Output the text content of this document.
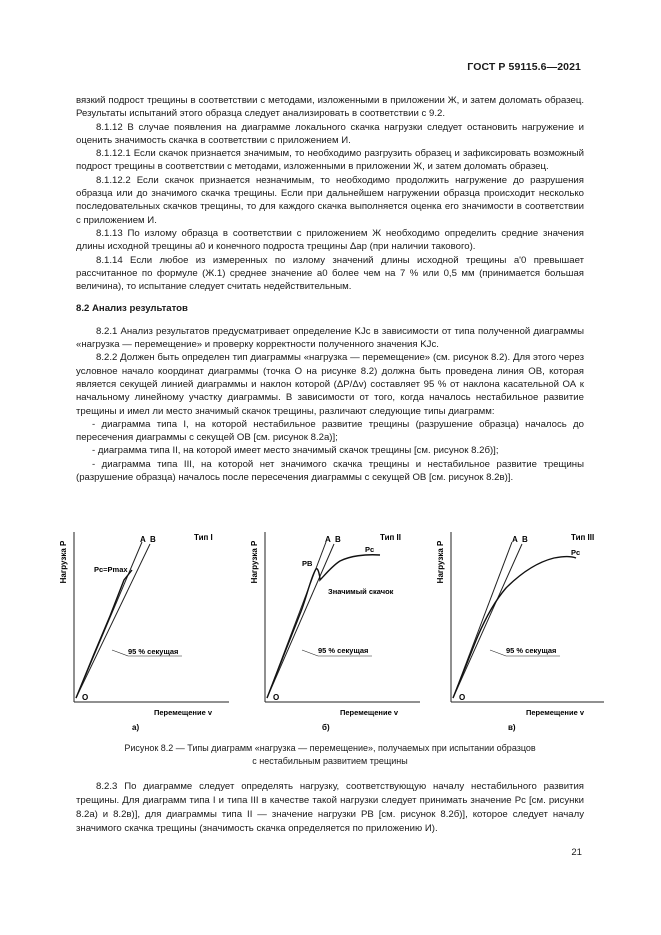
ГОСТ Р 59115.6—2021

вязкий подрост трещины в соответствии с методами, изложенными в приложении Ж, и затем доломать образец. Результаты испытаний этого образца следует анализировать в соответствии с 9.2.

8.1.12 В случае появления на диаграмме локального скачка нагрузки следует остановить нагружение и оценить значимость скачка в соответствии с приложением И.

8.1.12.1 Если скачок признается значимым, то необходимо разгрузить образец и зафиксировать возможный подрост трещины в соответствии с методами, изложенными в приложении Ж, и затем доломать образец.

8.1.12.2 Если скачок признается незначимым, то необходимо продолжить нагружение до разрушения образца или до значимого скачка трещины. Если при дальнейшем нагружении образца происходит несколько последовательных скачков трещины, то для каждого скачка выполняется оценка его значимости в соответствии с приложением И.

8.1.13 По излому образца в соответствии с приложением Ж необходимо определить средние значения длины исходной трещины a0 и конечного подроста трещины Δap (при наличии такового).

8.1.14 Если любое из измеренных по излому значений длины исходной трещины a'0 превышает рассчитанное по формуле (Ж.1) среднее значение a0 более чем на 7 % или 0,5 мм (принимается большая величина), то испытание следует считать недействительным.

8.2 Анализ результатов

8.2.1 Анализ результатов предусматривает определение KJc в зависимости от типа полученной диаграммы «нагрузка — перемещение» и проверку корректности полученного значения KJc.

8.2.2 Должен быть определен тип диаграммы «нагрузка — перемещение» (см. рисунок 8.2). Для этого через условное начало координат диаграммы (точка О на рисунке 8.2) должна быть проведена линия ОВ, которая является секущей линией диаграммы и наклон которой (ΔP/Δv) составляет 95 % от наклона касательной ОА к начальному линейному участку диаграммы. В зависимости от того, когда началось нестабильное развитие трещины и имел ли место значимый скачок трещины, различают следующие типы диаграмм:

- диаграмма типа I, на которой нестабильное развитие трещины (разрушение образца) началось до пересечения диаграммы с секущей ОВ [см. рисунок 8.2а)];

- диаграмма типа II, на которой имеет место значимый скачок трещины [см. рисунок 8.2б)];

- диаграмма типа III, на которой нет значимого скачка трещины и нестабильное развитие трещины (разрушение образца) началось после пересечения диаграммы с секущей ОВ [см. рисунок 8.2в)].

Нагрузка P
A B	Тип I
Pc=Pmax
95 % секущая
O
Перемещение v
а)
Нагрузка P
A B	Тип II
PB
Pc
Значимый скачок
95 % секущая
O
Перемещение v
б)
Нагрузка P
A B	Тип III
Pc
95 % секущая
O
Перемещение v
в)
Рисунок 8.2 — Типы диаграмм «нагрузка — перемещение», получаемых при испытании образцов
с нестабильным развитием трещины

8.2.3 По диаграмме следует определять нагрузку, соответствующую началу нестабильного развития трещины. Для диаграмм типа I и типа III в качестве такой нагрузки следует принимать значение Pc [см. рисунки 8.2а) и 8.2в)], для диаграммы типа II — значение нагрузки PB [см. рисунок 8.2б)], которое следует началу значимого скачка трещины (значимость скачка определяется по приложению И).

21
